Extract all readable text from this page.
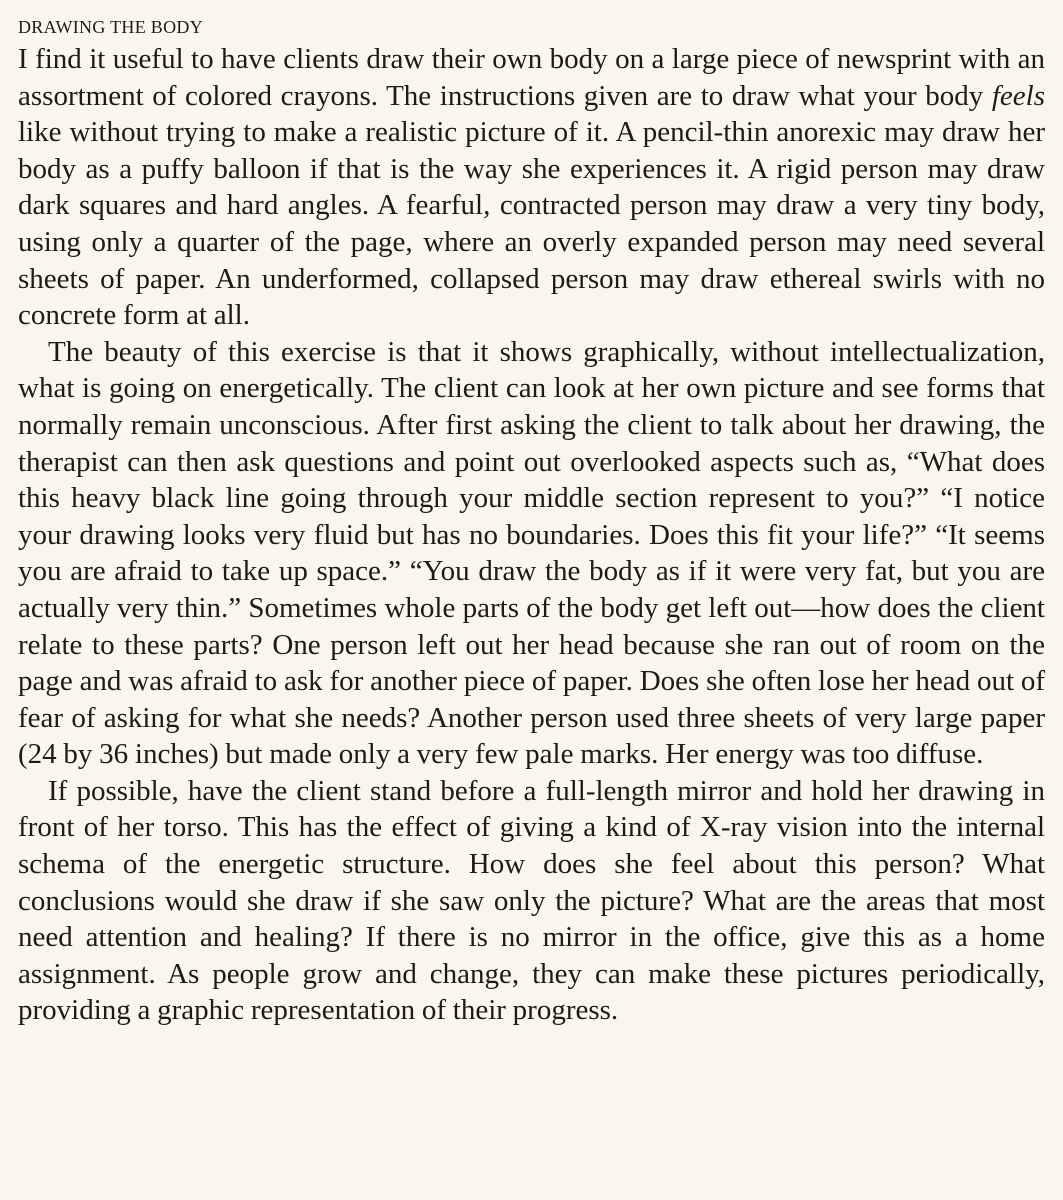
DRAWING THE BODY

I find it useful to have clients draw their own body on a large piece of newsprint with an assortment of colored crayons. The instructions given are to draw what your body feels like without trying to make a realistic picture of it. A pencil-thin anorexic may draw her body as a puffy balloon if that is the way she experiences it. A rigid person may draw dark squares and hard angles. A fearful, contracted person may draw a very tiny body, using only a quarter of the page, where an overly expanded person may need several sheets of paper. An underformed, collapsed person may draw ethereal swirls with no concrete form at all.

The beauty of this exercise is that it shows graphically, without intellectualization, what is going on energetically. The client can look at her own picture and see forms that normally remain unconscious. After first asking the client to talk about her drawing, the therapist can then ask questions and point out overlooked aspects such as, “What does this heavy black line going through your middle section represent to you?” “I notice your drawing looks very fluid but has no boundaries. Does this fit your life?” “It seems you are afraid to take up space.” “You draw the body as if it were very fat, but you are actually very thin.” Sometimes whole parts of the body get left out—how does the client relate to these parts? One person left out her head because she ran out of room on the page and was afraid to ask for another piece of paper. Does she often lose her head out of fear of asking for what she needs? Another person used three sheets of very large paper (24 by 36 inches) but made only a very few pale marks. Her energy was too diffuse.

If possible, have the client stand before a full-length mirror and hold her drawing in front of her torso. This has the effect of giving a kind of X-ray vision into the internal schema of the energetic structure. How does she feel about this person? What conclusions would she draw if she saw only the picture? What are the areas that most need attention and healing? If there is no mirror in the office, give this as a home assignment. As people grow and change, they can make these pictures periodically, providing a graphic representation of their progress.
